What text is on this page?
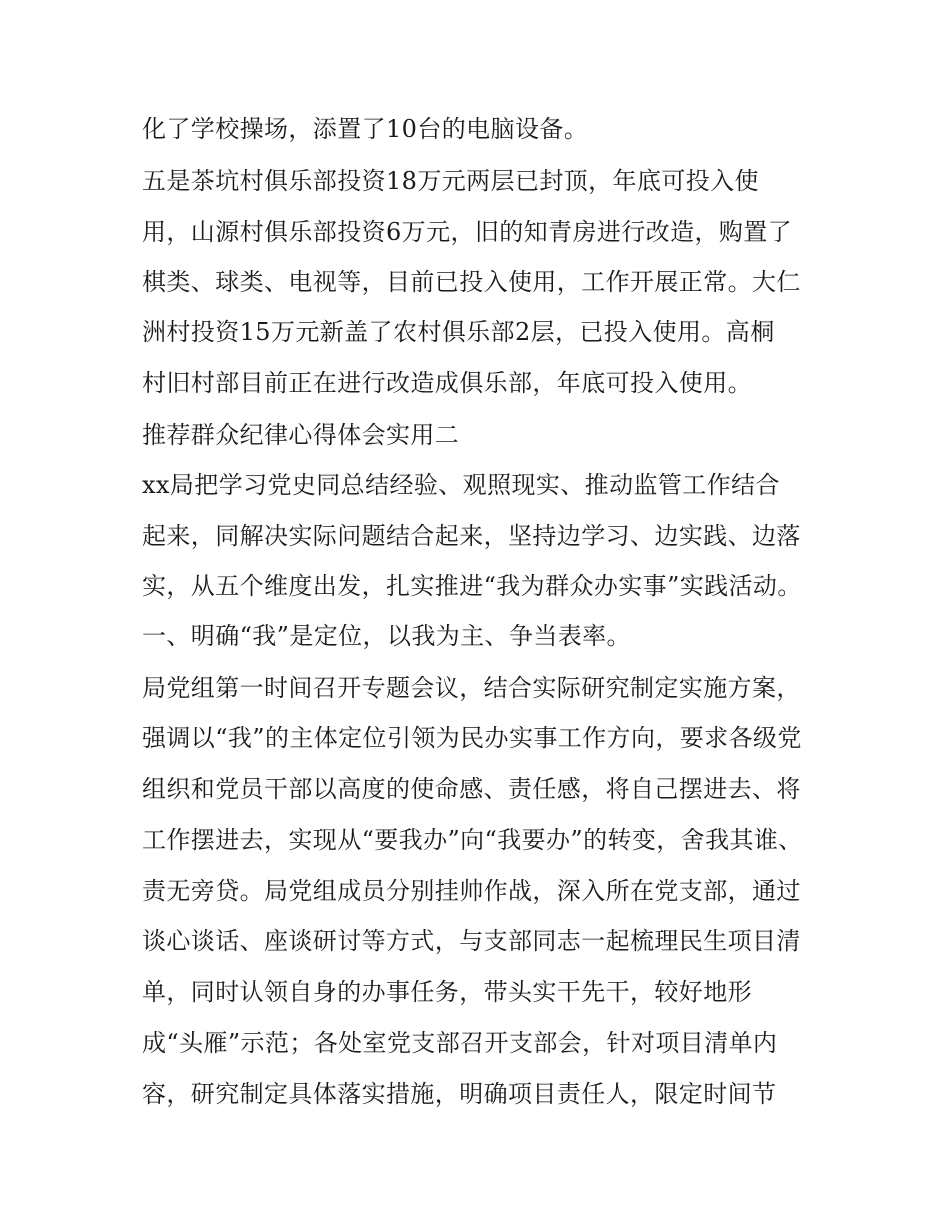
化了学校操场，添置了10台的电脑设备。
五是茶坑村俱乐部投资18万元两层已封顶，年底可投入使
用，山源村俱乐部投资6万元，旧的知青房进行改造，购置了
棋类、球类、电视等，目前已投入使用，工作开展正常。大仁
洲村投资15万元新盖了农村俱乐部2层，已投入使用。高桐
村旧村部目前正在进行改造成俱乐部，年底可投入使用。
推荐群众纪律心得体会实用二
xx局把学习党史同总结经验、观照现实、推动监管工作结合
起来，同解决实际问题结合起来，坚持边学习、边实践、边落
实，从五个维度出发，扎实推进“我为群众办实事”实践活动。
一、明确“我”是定位，以我为主、争当表率。
局党组第一时间召开专题会议，结合实际研究制定实施方案，
强调以“我”的主体定位引领为民办实事工作方向，要求各级党
组织和党员干部以高度的使命感、责任感，将自己摆进去、将
工作摆进去，实现从“要我办”向“我要办”的转变，舍我其谁、
责无旁贷。局党组成员分别挂帅作战，深入所在党支部，通过
谈心谈话、座谈研讨等方式，与支部同志一起梳理民生项目清
单，同时认领自身的办事任务，带头实干先干，较好地形
成“头雁”示范；各处室党支部召开支部会，针对项目清单内
容，研究制定具体落实措施，明确项目责任人，限定时间节
